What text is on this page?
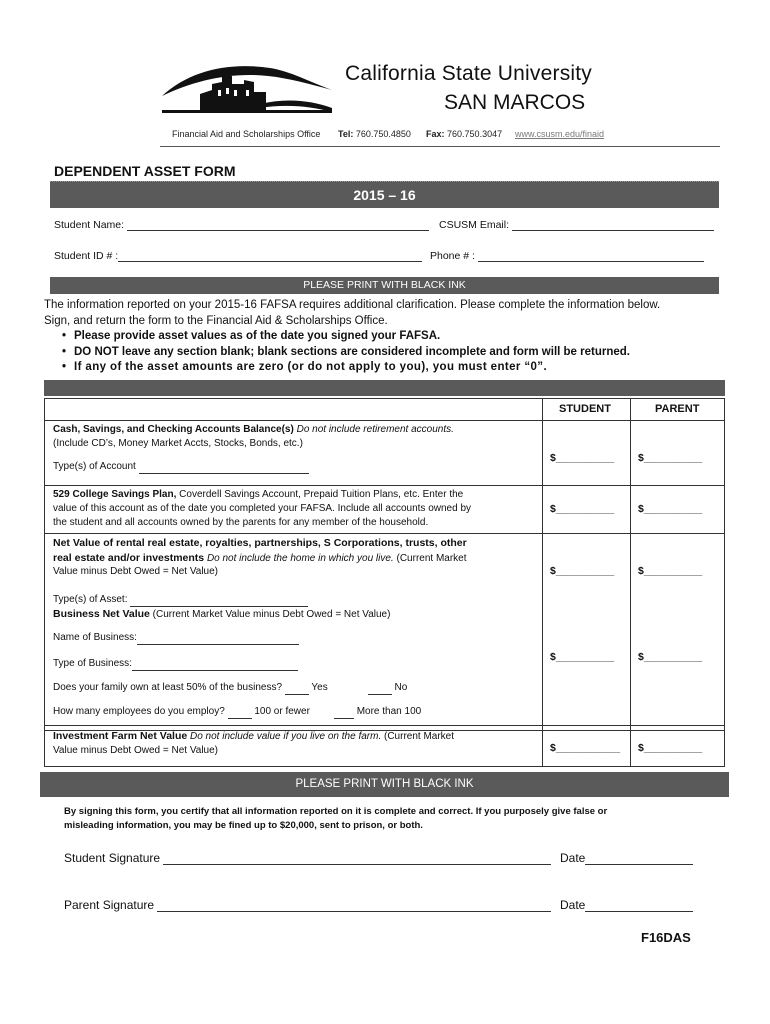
California State University
SAN MARCOS
Financial Aid and Scholarships Office Tel: 760.750.4850 Fax: 760.750.3047 www.csusm.edu/finaid
DEPENDENT ASSET FORM
2015 – 16
Student Name:	CSUSM Email:
Student ID # :	Phone # :
PLEASE PRINT WITH BLACK INK
The information reported on your 2015-16 FAFSA requires additional clarification. Please complete the information below.
Sign, and return the form to the Financial Aid & Scholarships Office.
• Please provide asset values as of the date you signed your FAFSA.
• DO NOT leave any section blank; blank sections are considered incomplete and form will be returned.
• If any of the asset amounts are zero (or do not apply to you), you must enter “0”.
STUDENT	PARENT
Cash, Savings, and Checking Accounts Balance(s) Do not include retirement accounts.
(Include CD’s, Money Market Accts, Stocks, Bonds, etc.)
Type(s) of Account
$__________ $__________
529 College Savings Plan, Coverdell Savings Account, Prepaid Tuition Plans, etc. Enter the
value of this account as of the date you completed your FAFSA. Include all accounts owned by
the student and all accounts owned by the parents for any member of the household.
$__________ $__________
Net Value of rental real estate, royalties, partnerships, S Corporations, trusts, other
real estate and/or investments Do not include the home in which you live. (Current Market
Value minus Debt Owed = Net Value)
Type(s) of Asset:
$__________ $__________
Business Net Value (Current Market Value minus Debt Owed = Net Value)
Name of Business:
Type of Business:
Does your family own at least 50% of the business?	Yes	No
How many employees do you employ?	100 or fewer	More than 100
$__________ $__________
Investment Farm Net Value Do not include value if you live on the farm. (Current Market
Value minus Debt Owed = Net Value)	$___________ $__________
PLEASE PRINT WITH BLACK INK
By signing this form, you certify that all information reported on it is complete and correct. If you purposely give false or
misleading information, you may be fined up to $20,000, sent to prison, or both.
Student Signature	Date
Parent Signature	Date
F16DAS
